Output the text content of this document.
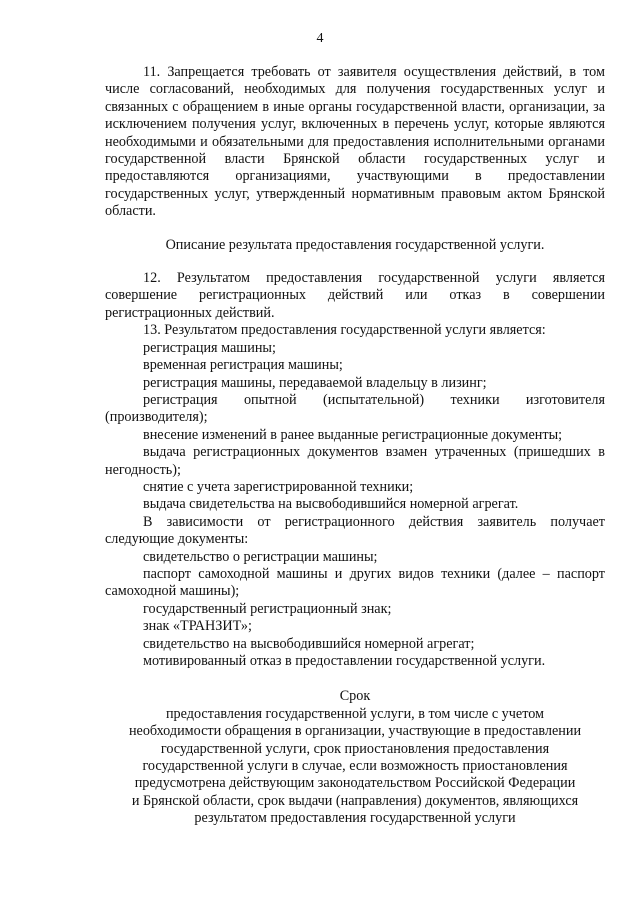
4

11. Запрещается требовать от заявителя осуществления действий, в том числе согласований, необходимых для получения государственных услуг и связанных с обращением в иные органы государственной власти, организации, за исключением получения услуг, включенных в перечень услуг, которые являются необходимыми и обязательными для предоставления исполнительными органами государственной власти Брянской области государственных услуг и предоставляются организациями, участвующими в предоставлении государственных услуг, утвержденный нормативным правовым актом Брянской области.

Описание результата предоставления государственной услуги.

12. Результатом предоставления государственной услуги является совершение регистрационных действий или отказ в совершении регистрационных действий.

13. Результатом предоставления государственной услуги является:

регистрация машины;

временная регистрация машины;

регистрация машины, передаваемой владельцу в лизинг;

регистрация опытной (испытательной) техники изготовителя (производителя);

внесение изменений в ранее выданные регистрационные документы;

выдача регистрационных документов взамен утраченных (пришедших в негодность);

снятие с учета зарегистрированной техники;

выдача свидетельства на высвободившийся номерной агрегат.

В зависимости от регистрационного действия заявитель получает следующие документы:

свидетельство о регистрации машины;

паспорт самоходной машины и других видов техники (далее – паспорт самоходной машины);

государственный регистрационный знак;

знак «ТРАНЗИТ»;

свидетельство на высвободившийся номерной агрегат;

мотивированный отказ в предоставлении государственной услуги.

Срок

предоставления государственной услуги, в том числе с учетом

необходимости обращения в организации, участвующие в предоставлении

государственной услуги, срок приостановления предоставления

государственной услуги в случае, если возможность приостановления

предусмотрена действующим законодательством Российской Федерации

и Брянской области, срок выдачи (направления) документов, являющихся

результатом предоставления государственной услуги
